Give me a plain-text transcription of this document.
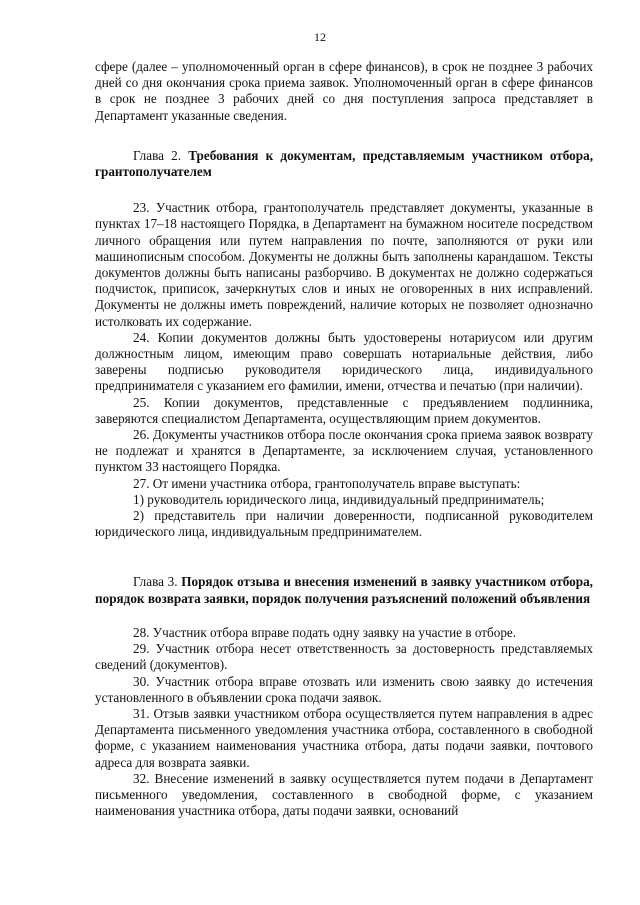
12

сфере (далее – уполномоченный орган в сфере финансов), в срок не позднее 3 рабочих дней со дня окончания срока приема заявок. Уполномоченный орган в сфере финансов в срок не позднее 3 рабочих дней со дня поступления запроса представляет в Департамент указанные сведения.

Глава 2. Требования к документам, представляемым участником отбора, грантополучателем

23. Участник отбора, грантополучатель представляет документы, указанные в пунктах 17–18 настоящего Порядка, в Департамент на бумажном носителе посредством личного обращения или путем направления по почте, заполняются от руки или машинописным способом. Документы не должны быть заполнены карандашом. Тексты документов должны быть написаны разборчиво. В документах не должно содержаться подчисток, приписок, зачеркнутых слов и иных не оговоренных в них исправлений. Документы не должны иметь повреждений, наличие которых не позволяет однозначно истолковать их содержание.

24. Копии документов должны быть удостоверены нотариусом или другим должностным лицом, имеющим право совершать нотариальные действия, либо заверены подписью руководителя юридического лица, индивидуального предпринимателя с указанием его фамилии, имени, отчества и печатью (при наличии).

25. Копии документов, представленные с предъявлением подлинника, заверяются специалистом Департамента, осуществляющим прием документов.

26. Документы участников отбора после окончания срока приема заявок возврату не подлежат и хранятся в Департаменте, за исключением случая, установленного пунктом 33 настоящего Порядка.

27. От имени участника отбора, грантополучатель вправе выступать:

1) руководитель юридического лица, индивидуальный предприниматель;

2) представитель при наличии доверенности, подписанной руководителем юридического лица, индивидуальным предпринимателем.

Глава 3. Порядок отзыва и внесения изменений в заявку участником отбора, порядок возврата заявки, порядок получения разъяснений положений объявления

28. Участник отбора вправе подать одну заявку на участие в отборе.

29. Участник отбора несет ответственность за достоверность представляемых сведений (документов).

30. Участник отбора вправе отозвать или изменить свою заявку до истечения установленного в объявлении срока подачи заявок.

31. Отзыв заявки участником отбора осуществляется путем направления в адрес Департамента письменного уведомления участника отбора, составленного в свободной форме, с указанием наименования участника отбора, даты подачи заявки, почтового адреса для возврата заявки.

32. Внесение изменений в заявку осуществляется путем подачи в Департамент письменного уведомления, составленного в свободной форме, с указанием наименования участника отбора, даты подачи заявки, оснований
